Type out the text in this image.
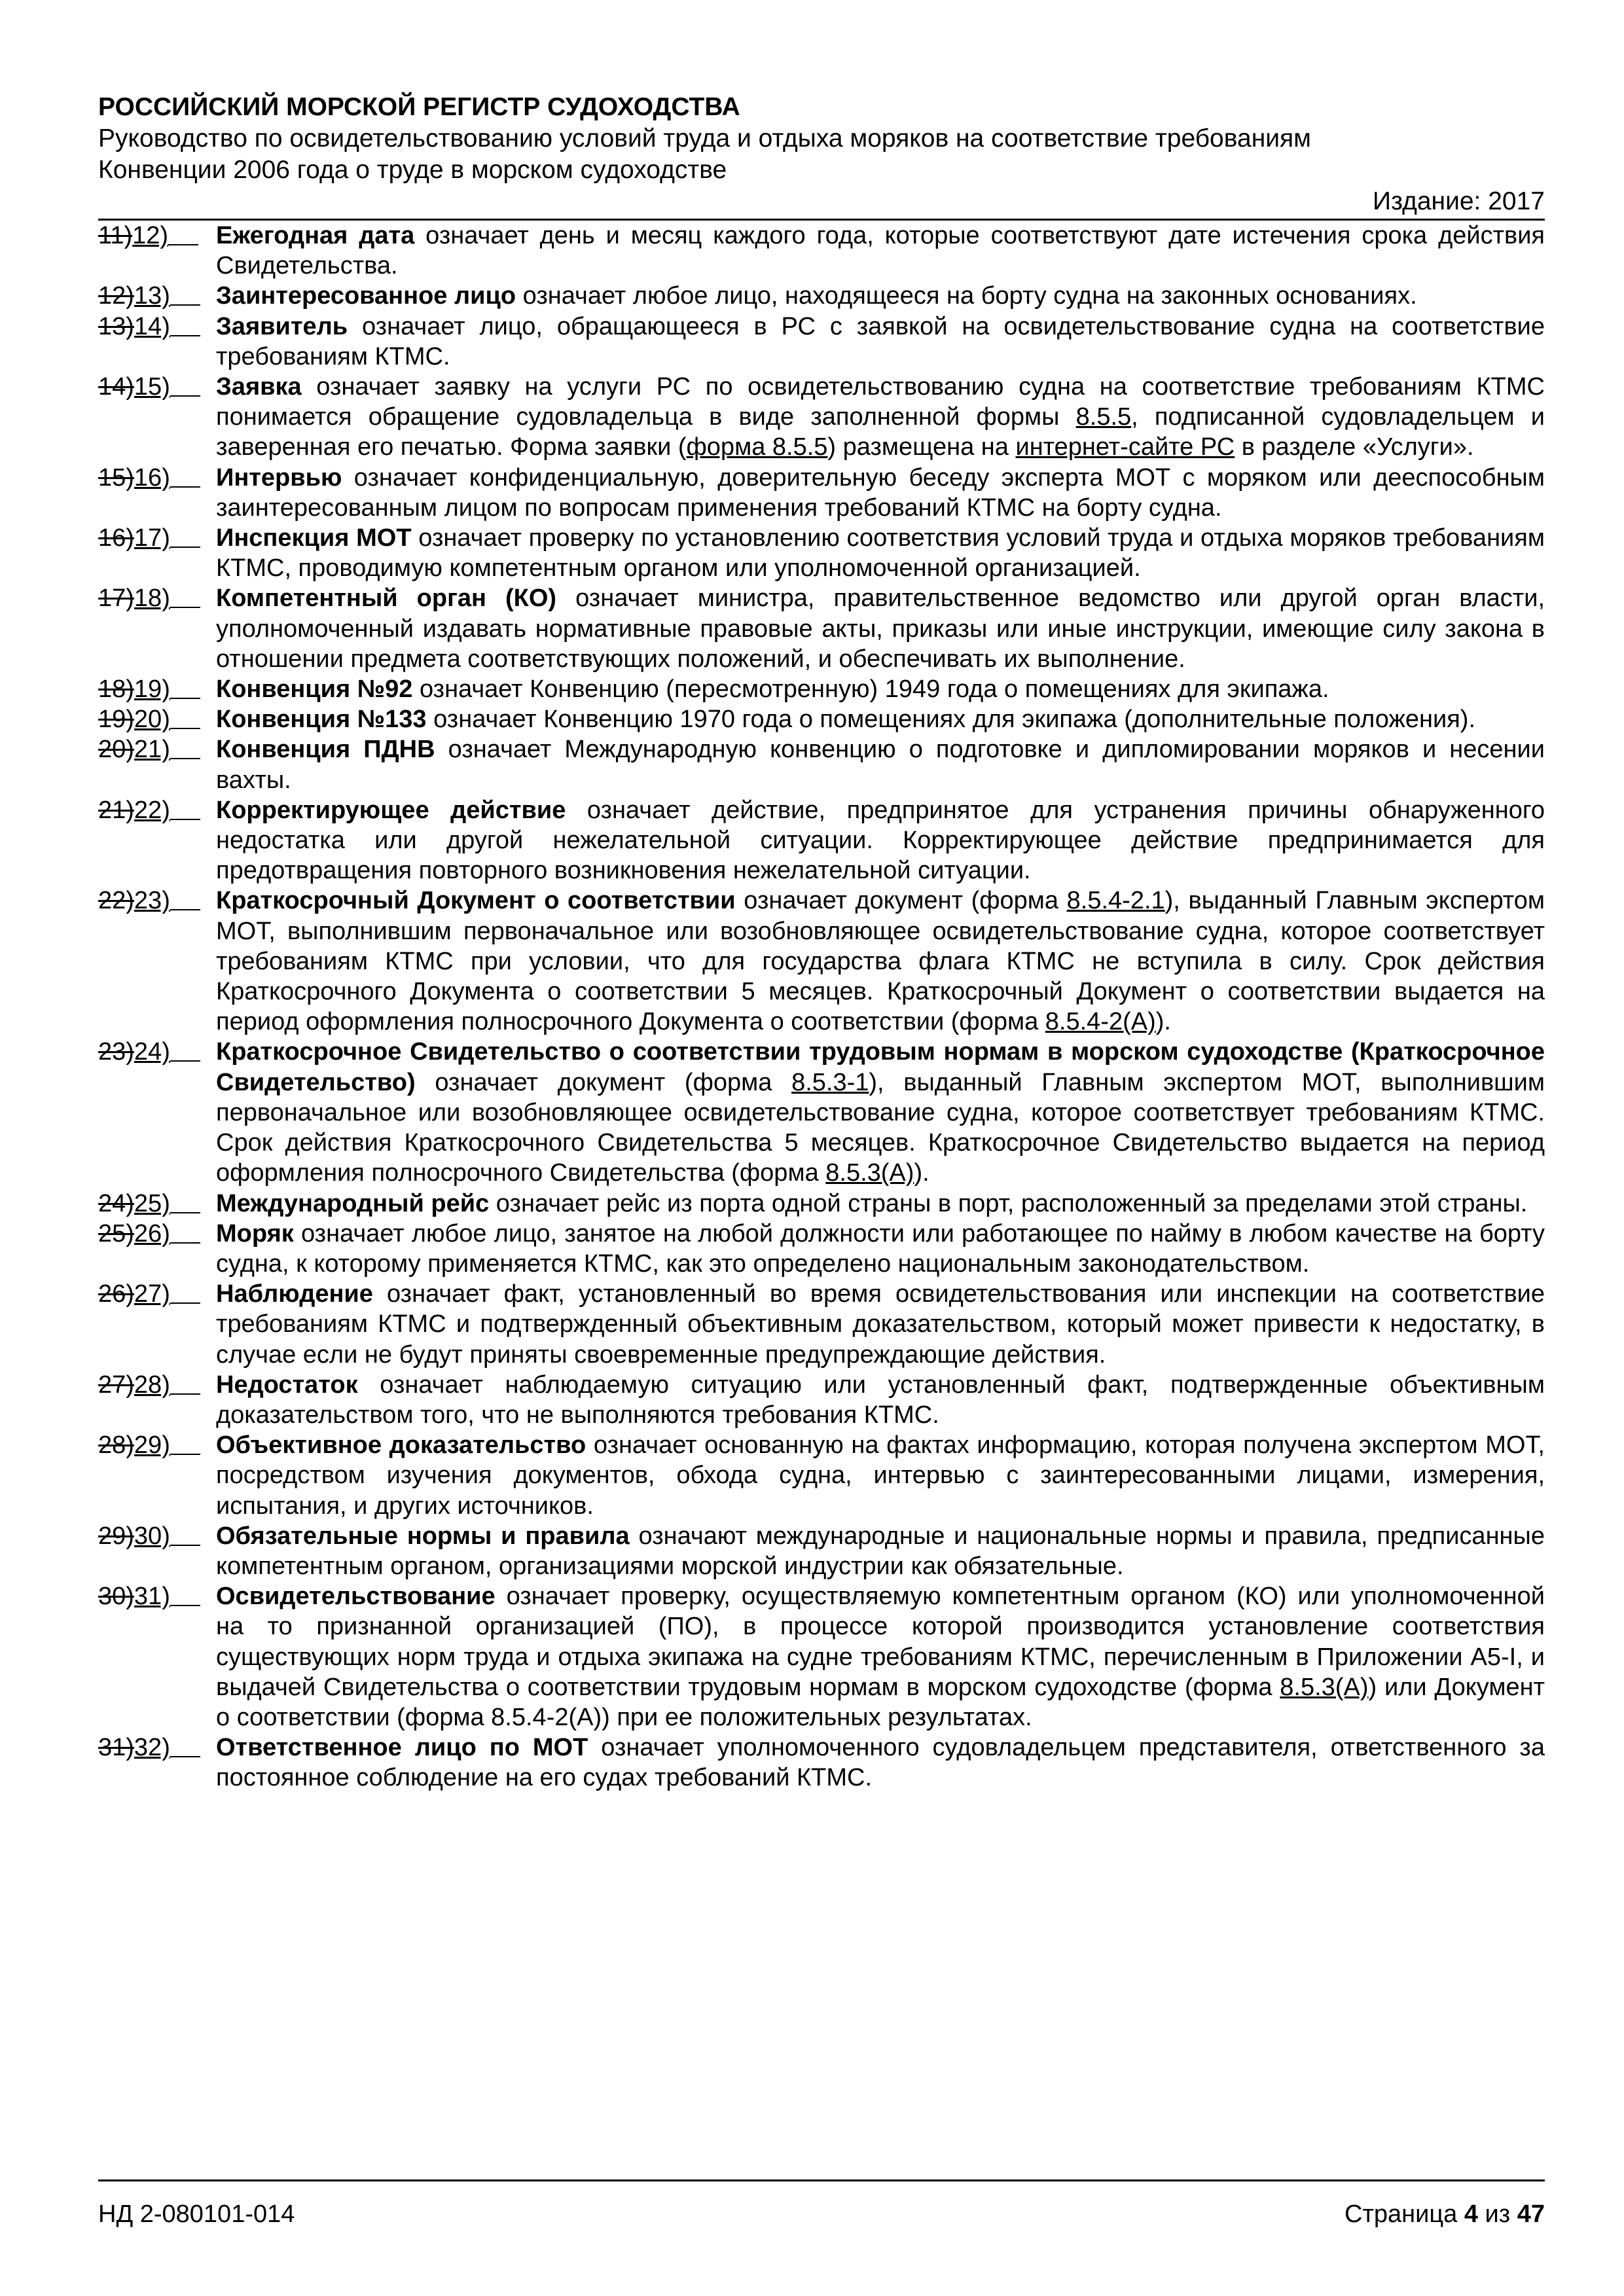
РОССИЙСКИЙ МОРСКОЙ РЕГИСТР СУДОХОДСТВА
Руководство по освидетельствованию условий труда и отдыха моряков на соответствие требованиям
Конвенции 2006 года о труде в морском судоходстве
Издание: 2017
11)12)	Ежегодная дата означает день и месяц каждого года, которые соответствуют дате истечения срока действия Свидетельства.
12)13)	Заинтересованное лицо означает любое лицо, находящееся на борту судна на законных основаниях.
13)14)	Заявитель означает лицо, обращающееся в РС с заявкой на освидетельствование судна на соответствие требованиям КТМС.
14)15)	Заявка означает заявку на услуги РС по освидетельствованию судна на соответствие требованиям КТМС понимается обращение судовладельца в виде заполненной формы 8.5.5, подписанной судовладельцем и заверенная его печатью. Форма заявки (форма 8.5.5) размещена на интернет-сайте РС в разделе «Услуги».
15)16)	Интервью означает конфиденциальную, доверительную беседу эксперта МОТ с моряком или дееспособным заинтересованным лицом по вопросам применения требований КТМС на борту судна.
16)17)	Инспекция МОТ означает проверку по установлению соответствия условий труда и отдыха моряков требованиям КТМС, проводимую компетентным органом или уполномоченной организацией.
17)18)	Компетентный орган (КО) означает министра, правительственное ведомство или другой орган власти, уполномоченный издавать нормативные правовые акты, приказы или иные инструкции, имеющие силу закона в отношении предмета соответствующих положений, и обеспечивать их выполнение.
18)19)	Конвенция №92 означает Конвенцию (пересмотренную) 1949 года о помещениях для экипажа.
19)20)	Конвенция №133 означает Конвенцию 1970 года о помещениях для экипажа (дополнительные положения).
20)21)	Конвенция ПДНВ означает Международную конвенцию о подготовке и дипломировании моряков и несении вахты.
21)22)	Корректирующее действие означает действие, предпринятое для устранения причины обнаруженного недостатка или другой нежелательной ситуации. Корректирующее действие предпринимается для предотвращения повторного возникновения нежелательной ситуации.
22)23)	Краткосрочный Документ о соответствии означает документ (форма 8.5.4-2.1), выданный Главным экспертом МОТ, выполнившим первоначальное или возобновляющее освидетельствование судна, которое соответствует требованиям КТМС при условии, что для государства флага КТМС не вступила в силу. Срок действия Краткосрочного Документа о соответствии 5 месяцев. Краткосрочный Документ о соответствии выдается на период оформления полносрочного Документа о соответствии (форма 8.5.4-2(А)).
23)24)	Краткосрочное Свидетельство о соответствии трудовым нормам в морском судоходстве (Краткосрочное Свидетельство) означает документ (форма 8.5.3-1), выданный Главным экспертом МОТ, выполнившим первоначальное или возобновляющее освидетельствование судна, которое соответствует требованиям КТМС. Срок действия Краткосрочного Свидетельства 5 месяцев. Краткосрочное Свидетельство выдается на период оформления полносрочного Свидетельства (форма 8.5.3(А)).
24)25)	Международный рейс означает рейс из порта одной страны в порт, расположенный за пределами этой страны.
25)26)	Моряк означает любое лицо, занятое на любой должности или работающее по найму в любом качестве на борту судна, к которому применяется КТМС, как это определено национальным законодательством.
26)27)	Наблюдение означает факт, установленный во время освидетельствования или инспекции на соответствие требованиям КТМС и подтвержденный объективным доказательством, который может привести к недостатку, в случае если не будут приняты своевременные предупреждающие действия.
27)28)	Недостаток означает наблюдаемую ситуацию или установленный факт, подтвержденные объективным доказательством того, что не выполняются требования КТМС.
28)29)	Объективное доказательство означает основанную на фактах информацию, которая получена экспертом МОТ, посредством изучения документов, обхода судна, интервью с заинтересованными лицами, измерения, испытания, и других источников.
29)30)	Обязательные нормы и правила означают международные и национальные нормы и правила, предписанные компетентным органом, организациями морской индустрии как обязательные.
30)31)	Освидетельствование означает проверку, осуществляемую компетентным органом (КО) или уполномоченной на то признанной организацией (ПО), в процессе которой производится установление соответствия существующих норм труда и отдыха экипажа на судне требованиям КТМС, перечисленным в Приложении А5-I, и выдачей Свидетельства о соответствии трудовым нормам в морском судоходстве (форма 8.5.3(А)) или Документ о соответствии (форма 8.5.4-2(А)) при ее положительных результатах.
31)32)	Ответственное лицо по МОТ означает уполномоченного судовладельцем представителя, ответственного за постоянное соблюдение на его судах требований КТМС.
НД 2-080101-014	Страница 4 из 47
